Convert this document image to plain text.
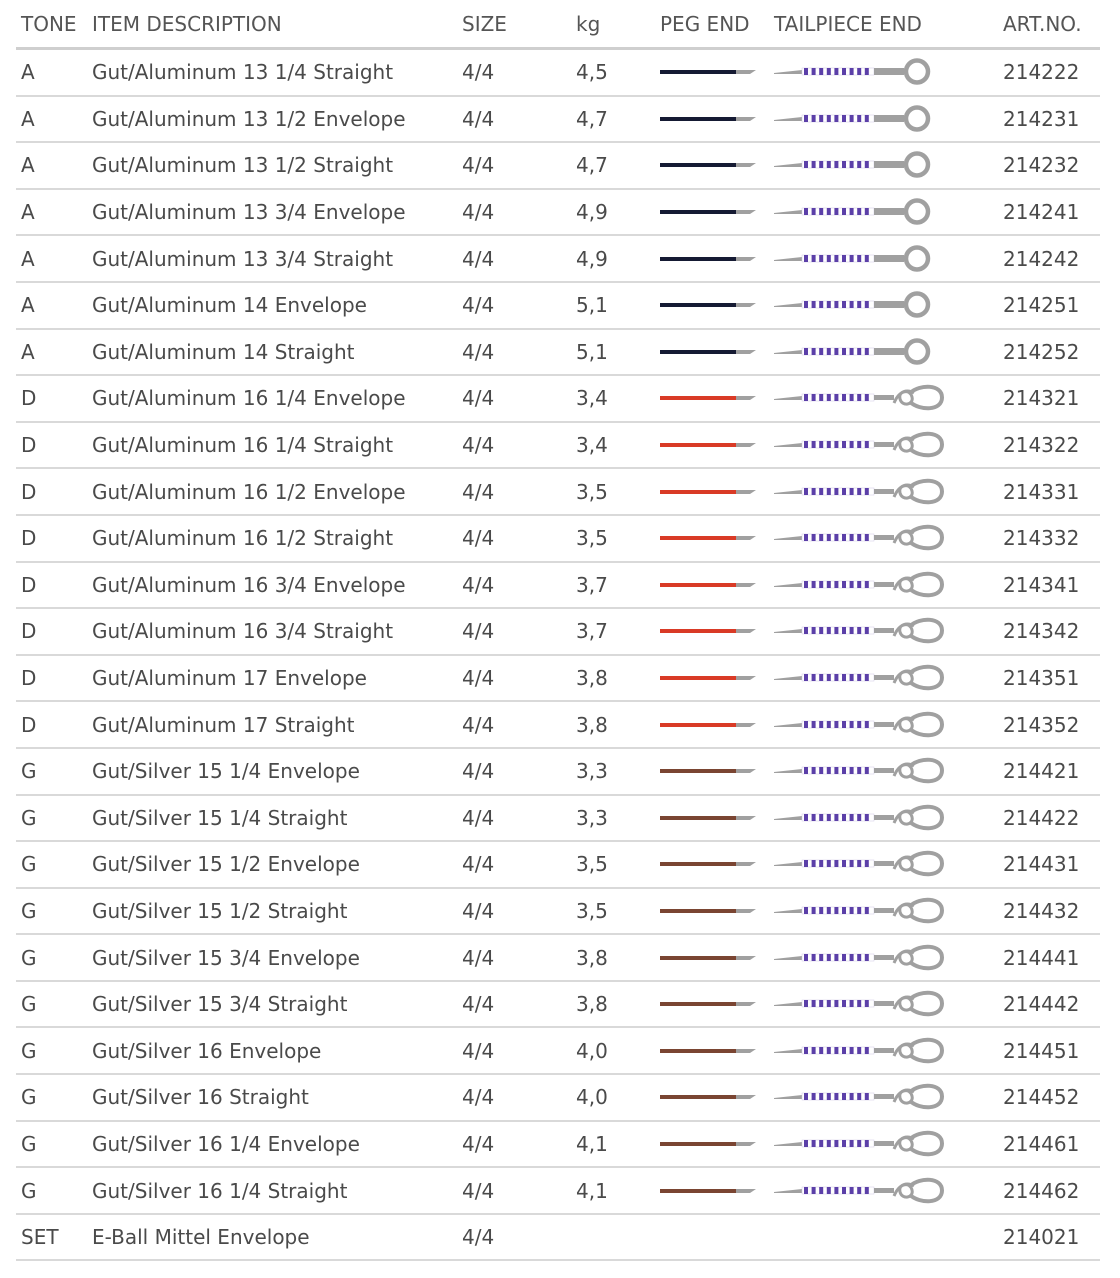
TONE ITEM DESCRIPTION	SIZE	kg	PEG END TAILPIECE END	ART.NO.
A	Gut/Aluminum 13 1/4 Straight	4/4	4,5	214222
A	Gut/Aluminum 13 1/2 Envelope	4/4	4,7	214231
A	Gut/Aluminum 13 1/2 Straight	4/4	4,7	214232
A	Gut/Aluminum 13 3/4 Envelope	4/4	4,9	214241
A	Gut/Aluminum 13 3/4 Straight	4/4	4,9	214242
A	Gut/Aluminum 14 Envelope	4/4	5,1	214251
A	Gut/Aluminum 14 Straight	4/4	5,1	214252
D	Gut/Aluminum 16 1/4 Envelope	4/4	3,4	214321
D	Gut/Aluminum 16 1/4 Straight	4/4	3,4	214322
D	Gut/Aluminum 16 1/2 Envelope	4/4	3,5	214331
D	Gut/Aluminum 16 1/2 Straight	4/4	3,5	214332
D	Gut/Aluminum 16 3/4 Envelope	4/4	3,7	214341
D	Gut/Aluminum 16 3/4 Straight	4/4	3,7	214342
D	Gut/Aluminum 17 Envelope	4/4	3,8	214351
D	Gut/Aluminum 17 Straight	4/4	3,8	214352
G	Gut/Silver 15 1/4 Envelope	4/4	3,3	214421
G	Gut/Silver 15 1/4 Straight	4/4	3,3	214422
G	Gut/Silver 15 1/2 Envelope	4/4	3,5	214431
G	Gut/Silver 15 1/2 Straight	4/4	3,5	214432
G	Gut/Silver 15 3/4 Envelope	4/4	3,8	214441
G	Gut/Silver 15 3/4 Straight	4/4	3,8	214442
G	Gut/Silver 16 Envelope	4/4	4,0	214451
G	Gut/Silver 16 Straight	4/4	4,0	214452
G	Gut/Silver 16 1/4 Envelope	4/4	4,1	214461
G	Gut/Silver 16 1/4 Straight	4/4	4,1	214462
SET E-Ball Mittel Envelope	4/4	214021
